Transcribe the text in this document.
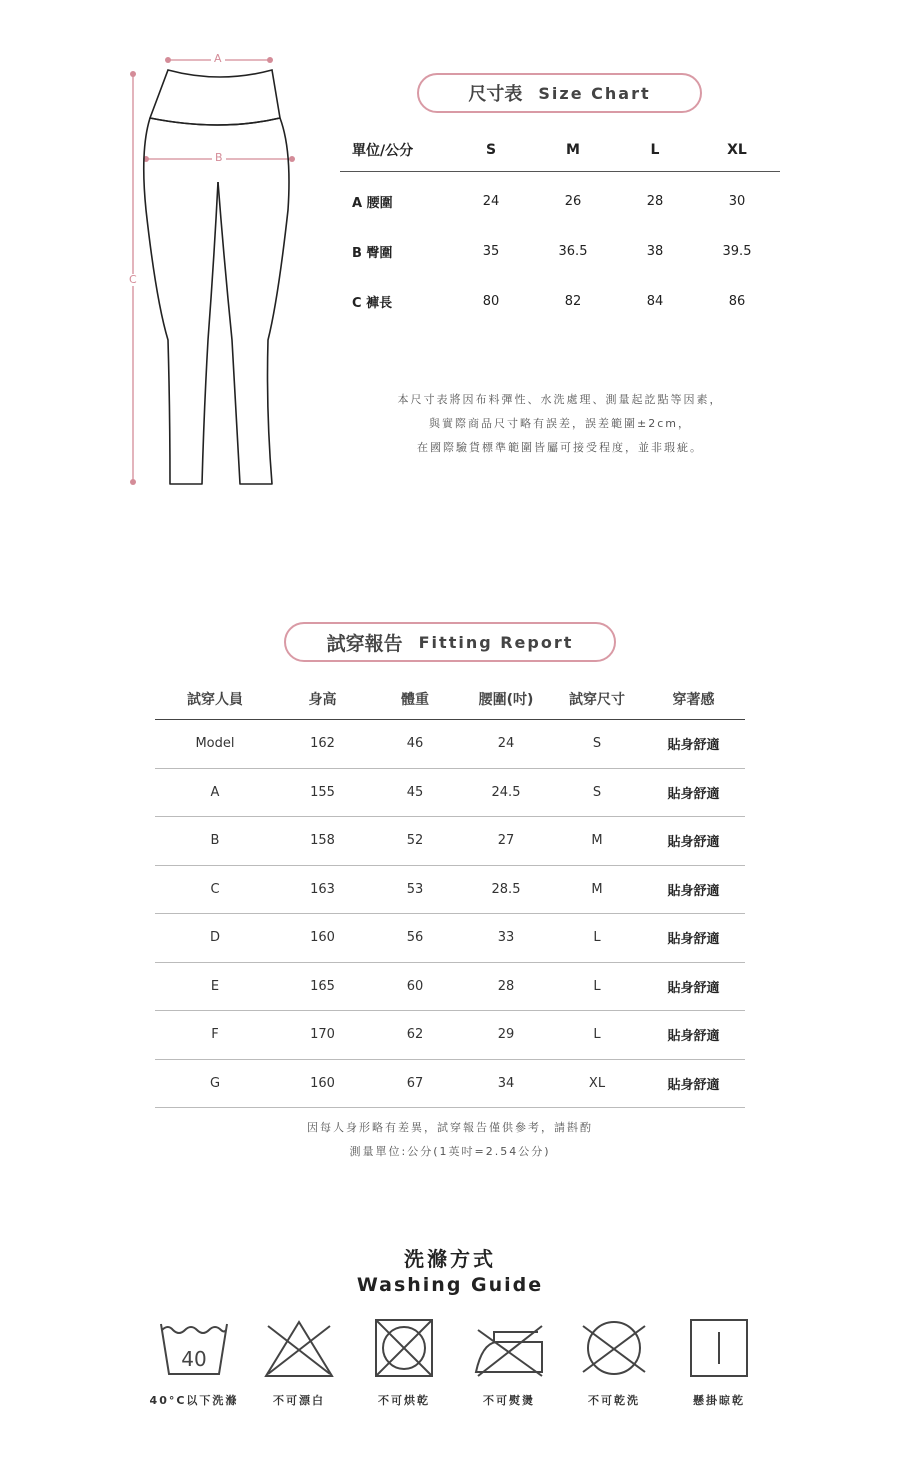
A
B
C
尺寸表 Size Chart
單位/公分	S	M	L	XL
A 腰圍	24	26	28	30
B 臀圍	35	36.5	38	39.5
C 褲長	80	82	84	86
本尺寸表將因布料彈性、水洗處理、測量起訖點等因素，
與實際商品尺寸略有誤差，誤差範圍±2cm，
在國際驗貨標準範圍皆屬可接受程度，並非瑕疵。
試穿報告 Fitting Report
試穿人員	身高	體重	腰圍(吋)	試穿尺寸	穿著感
Model	162	46	24	S	貼身舒適
A	155	45	24.5	S	貼身舒適
B	158	52	27	M	貼身舒適
C	163	53	28.5	M	貼身舒適
D	160	56	33	L	貼身舒適
E	165	60	28	L	貼身舒適
F	170	62	29	L	貼身舒適
G	160	67	34	XL	貼身舒適
因每人身形略有差異，試穿報告僅供參考，請斟酌
測量單位:公分(1英吋=2.54公分)
洗滌方式
Washing Guide
40
40°C以下洗滌	不可漂白	不可烘乾	不可熨燙	不可乾洗	懸掛晾乾
